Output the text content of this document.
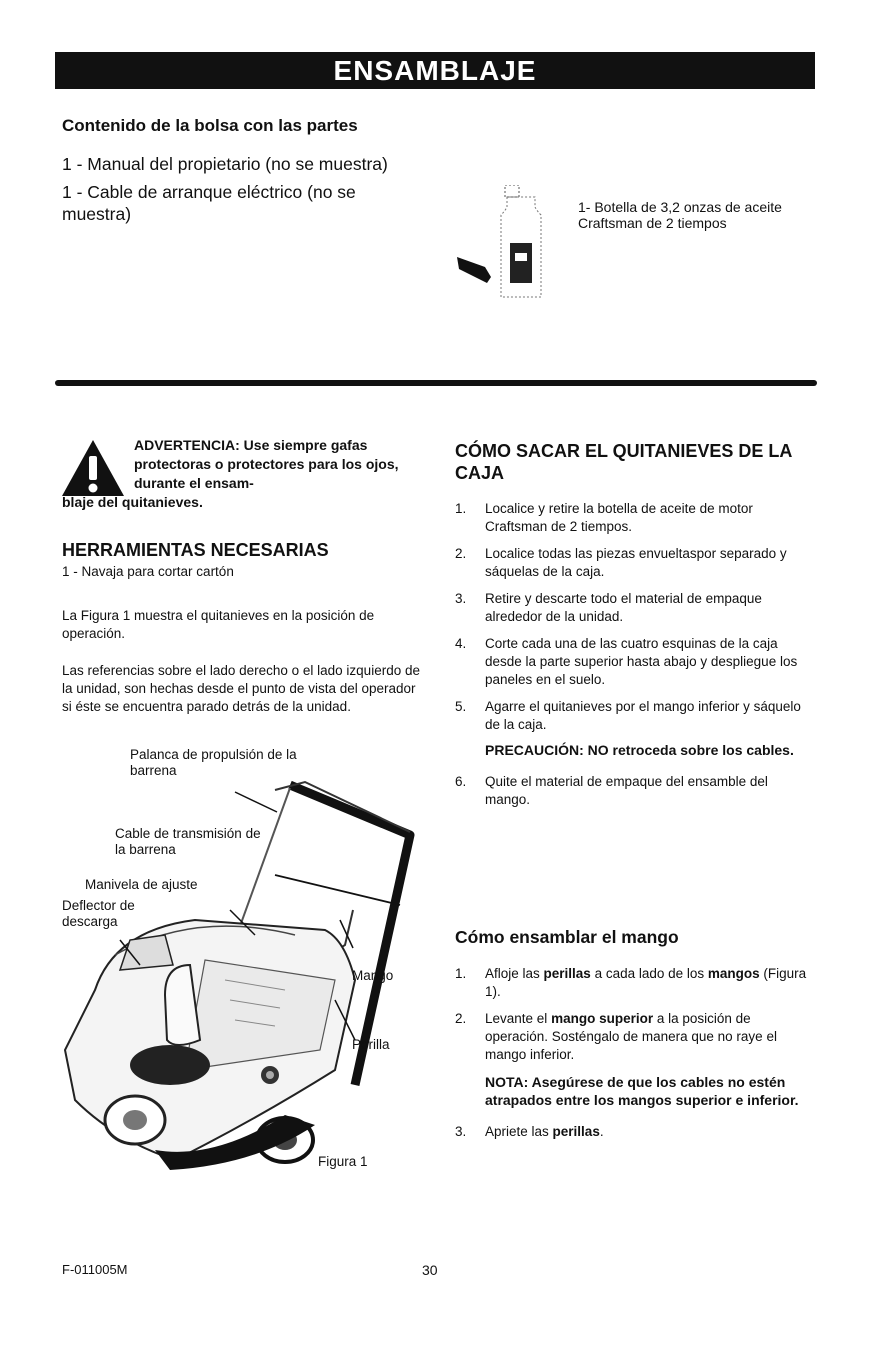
ENSAMBLAJE
Contenido de la bolsa con las partes
1 - Manual del propietario (no se muestra)
1 - Cable de arranque eléctrico (no se muestra)	1- Botella de 3,2 onzas de aceite Craftsman de 2 tiempos
ADVERTENCIA: Use siempre gafas protectoras o protectores para los ojos, durante el ensam-
blaje del quitanieves.
HERRAMIENTAS NECESARIAS
1 - Navaja para cortar cartón
La Figura 1 muestra el quitanieves en la posición de operación.
Las referencias sobre el lado derecho o el lado izquierdo de la unidad, son hechas desde el punto de vista del operador si éste se encuentra parado detrás de la unidad.
Palanca de propulsión de la barrena
Cable de transmisión de la barrena
Manivela de ajuste
Deflector de descarga
Mango
Perilla
Figura 1
CÓMO SACAR EL QUITANIEVES DE LA CAJA
1. Localice y retire la botella de aceite de motor Craftsman de 2 tiempos.
2. Localice todas las piezas envueltaspor separado y sáquelas de la caja.
3. Retire y descarte todo el material de empaque alrededor de la unidad.
4. Corte cada una de las cuatro esquinas de la caja desde la parte superior hasta abajo y despliegue los paneles en el suelo.
5. Agarre el quitanieves por el mango inferior y sáquelo de la caja.
PRECAUCIÓN: NO retroceda sobre los cables.
6. Quite el material de empaque del ensamble del mango.
Cómo ensamblar el mango
1. Afloje las perillas a cada lado de los mangos (Figura 1).
2. Levante el mango superior a la posición de operación. Sosténgalo de manera que no raye el mango inferior.
NOTA: Asegúrese de que los cables no estén atrapados entre los mangos superior e inferior.
3. Apriete las perillas.
F-011005M	30
